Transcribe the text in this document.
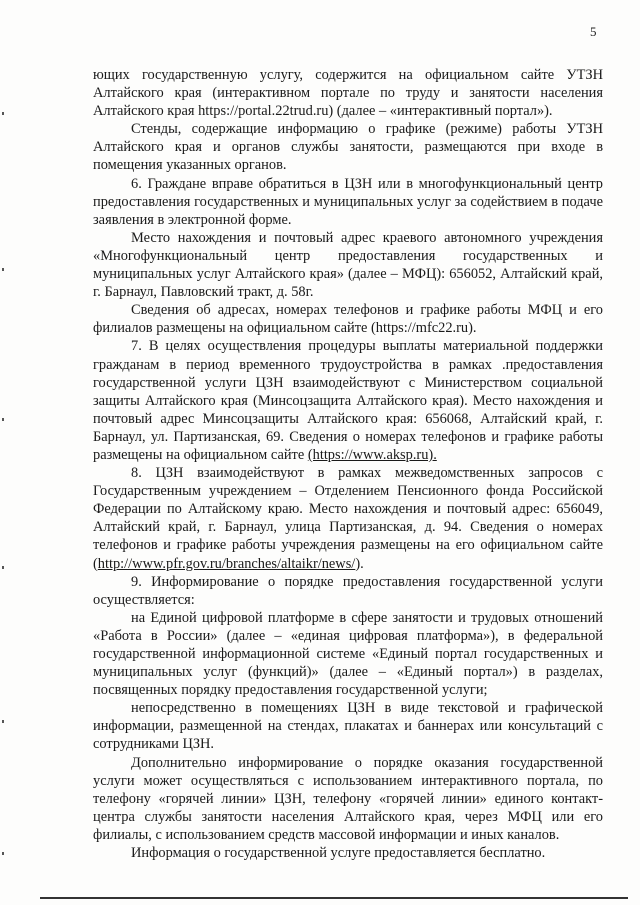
5

ющих государственную услугу, содержится на официальном сайте УТЗН Алтайского края (интерактивном портале по труду и занятости населения Алтайского края https://portal.22trud.ru) (далее – «интерактивный портал»).

Стенды, содержащие информацию о графике (режиме) работы УТЗН Алтайского края и органов службы занятости, размещаются при входе в помещения указанных органов.

6. Граждане вправе обратиться в ЦЗН или в многофункциональный центр предоставления государственных и муниципальных услуг за содействием в подаче заявления в электронной форме.

Место нахождения и почтовый адрес краевого автономного учреждения «Многофункциональный центр предоставления государственных и муниципальных услуг Алтайского края» (далее – МФЦ): 656052, Алтайский край, г. Барнаул, Павловский тракт, д. 58г.

Сведения об адресах, номерах телефонов и графике работы МФЦ и его филиалов размещены на официальном сайте (https://mfc22.ru).

7. В целях осуществления процедуры выплаты материальной поддержки гражданам в период временного трудоустройства в рамках .предоставления государственной услуги ЦЗН взаимодействуют с Министерством социальной защиты Алтайского края (Минсоцзащита Алтайского края). Место нахождения и почтовый адрес Минсоцзащиты Алтайского края: 656068, Алтайский край, г. Барнаул, ул. Партизанская, 69. Сведения о номерах телефонов и графике работы размещены на официальном сайте (https://www.aksp.ru).

8. ЦЗН взаимодействуют в рамках межведомственных запросов с Государственным учреждением – Отделением Пенсионного фонда Российской Федерации по Алтайскому краю. Место нахождения и почтовый адрес: 656049, Алтайский край, г. Барнаул, улица Партизанская, д. 94. Сведения о номерах телефонов и графике работы учреждения размещены на его официальном сайте (http://www.pfr.gov.ru/branches/altaikr/news/).

9. Информирование о порядке предоставления государственной услуги осуществляется:

на Единой цифровой платформе в сфере занятости и трудовых отношений «Работа в России» (далее – «единая цифровая платформа»), в федеральной государственной информационной системе «Единый портал государственных и муниципальных услуг (функций)» (далее – «Единый портал») в разделах, посвященных порядку предоставления государственной услуги;

непосредственно в помещениях ЦЗН в виде текстовой и графической информации, размещенной на стендах, плакатах и баннерах или консультаций с сотрудниками ЦЗН.

Дополнительно информирование о порядке оказания государственной услуги может осуществляться с использованием интерактивного портала, по телефону «горячей линии» ЦЗН, телефону «горячей линии» единого контакт-центра службы занятости населения Алтайского края, через МФЦ или его филиалы, с использованием средств массовой информации и иных каналов.

Информация о государственной услуге предоставляется бесплатно.
